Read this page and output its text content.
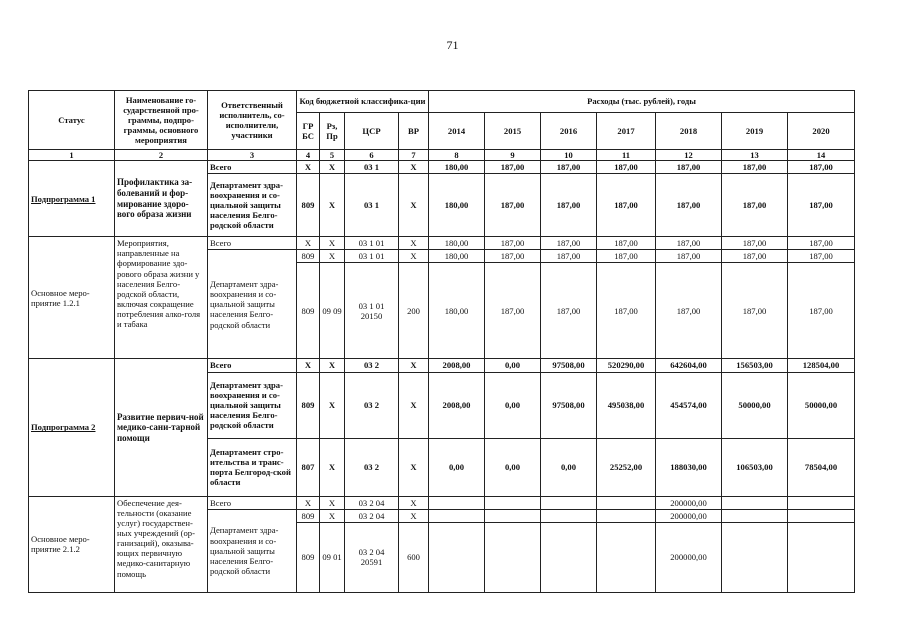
71
Статус	Наименование го-сударственной про-граммы, подпро-граммы, основного мероприятия	Ответственный исполнитель, со-исполнители, участники	Код бюджетной классифика-ции				Расходы (тыс. рублей), годы						
			ГР БС	Рз, Пр	ЦСР	ВР	2014	2015	2016	2017	2018	2019	2020
1	2	3	4	5	6	7	8	9	10	11	12	13	14
Подпрограмма 1	Профилактика за-болеваний и фор-мирование здоро-вого образа жизни	Всего	X	X	03 1	X	180,00	187,00	187,00	187,00	187,00	187,00	187,00
		Департамент здра-воохранения и со-циальной защиты населения Белго-родской области	809	X	03 1	X	180,00	187,00	187,00	187,00	187,00	187,00	187,00
Основное меро-приятие 1.2.1	Мероприятия, направленные на формирование здо-рового образа жизни у населения Белго-родской области, включая сокращение потребления алко-голя и табака	Всего	X	X	03 1 01	X	180,00	187,00	187,00	187,00	187,00	187,00	187,00
		Департамент здра-воохранения и со-циальной защиты населения Белго-родской области	809	X	03 1 01	X	180,00	187,00	187,00	187,00	187,00	187,00	187,00
			809	09 09	03 1 01 20150	200	180,00	187,00	187,00	187,00	187,00	187,00	187,00
Подпрограмма 2	Развитие первич-ной медико-сани-тарной помощи	Всего	X	X	03 2	X	2008,00	0,00	97508,00	520290,00	642604,00	156503,00	128504,00
		Департамент здра-воохранения и со-циальной защиты населения Белго-родской области	809	X	03 2	X	2008,00	0,00	97508,00	495038,00	454574,00	50000,00	50000,00
		Департамент стро-ительства и транс-порта Белгород-ской области	807	X	03 2	X	0,00	0,00	0,00	25252,00	188030,00	106503,00	78504,00
Основное меро-приятие 2.1.2	Обеспечение дея-тельности (оказание услуг) государствен-ных учреждений (ор-ганизаций), оказыва-ющих первичную медико-санитарную помощь	Всего	X	X	03 2 04	X					200000,00		
		Департамент здра-воохранения и со-циальной защиты населения Белго-родской области	809	X	03 2 04	X					200000,00		
			809	09 01	03 2 04 20591	600					200000,00		
